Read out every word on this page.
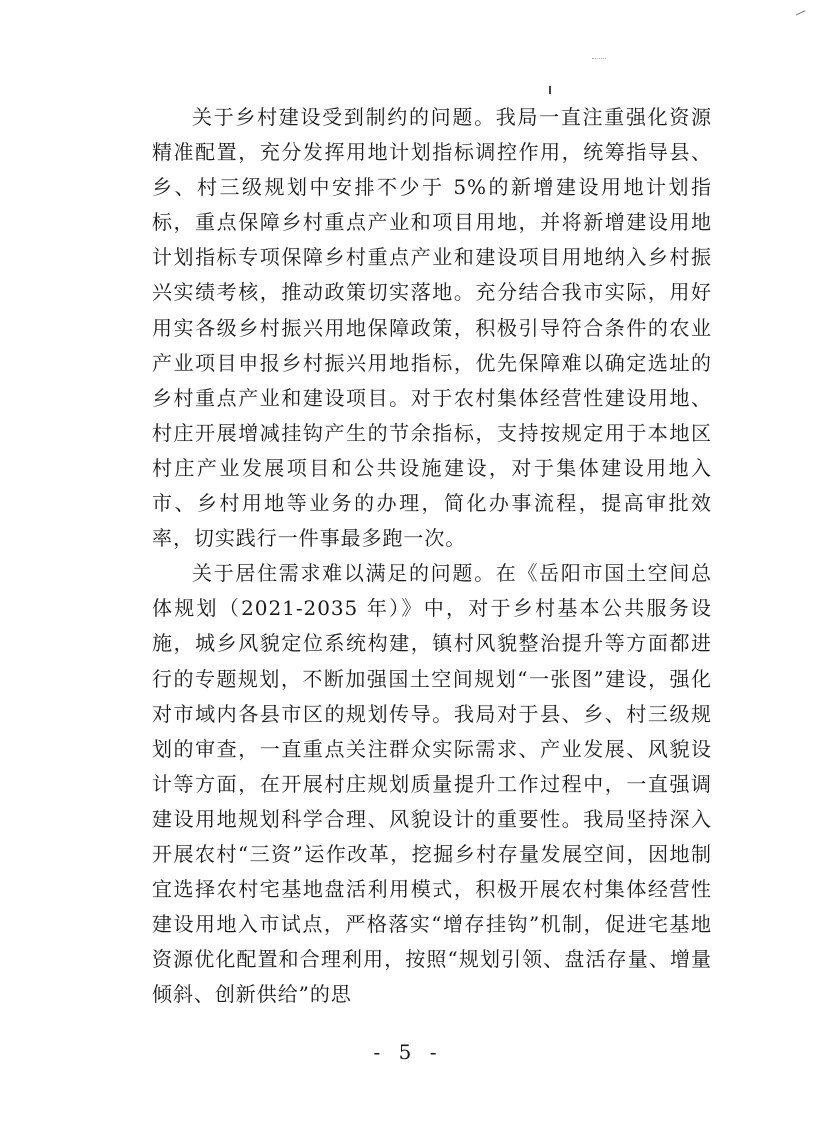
关于乡村建设受到制约的问题。我局一直注重强化资源精准配置，充分发挥用地计划指标调控作用，统筹指导县、乡、村三级规划中安排不少于 5%的新增建设用地计划指标，重点保障乡村重点产业和项目用地，并将新增建设用地计划指标专项保障乡村重点产业和建设项目用地纳入乡村振兴实绩考核，推动政策切实落地。充分结合我市实际，用好用实各级乡村振兴用地保障政策，积极引导符合条件的农业产业项目申报乡村振兴用地指标，优先保障难以确定选址的乡村重点产业和建设项目。对于农村集体经营性建设用地、村庄开展增减挂钩产生的节余指标，支持按规定用于本地区村庄产业发展项目和公共设施建设，对于集体建设用地入市、乡村用地等业务的办理，简化办事流程，提高审批效率，切实践行一件事最多跑一次。

关于居住需求难以满足的问题。在《岳阳市国土空间总体规划（2021-2035 年）》中，对于乡村基本公共服务设施，城乡风貌定位系统构建，镇村风貌整治提升等方面都进行的专题规划，不断加强国土空间规划“一张图”建设，强化对市域内各县市区的规划传导。我局对于县、乡、村三级规划的审查，一直重点关注群众实际需求、产业发展、风貌设计等方面，在开展村庄规划质量提升工作过程中，一直强调建设用地规划科学合理、风貌设计的重要性。我局坚持深入开展农村“三资”运作改革，挖掘乡村存量发展空间，因地制宜选择农村宅基地盘活利用模式，积极开展农村集体经营性建设用地入市试点，严格落实“增存挂钩”机制，促进宅基地资源优化配置和合理利用，按照“规划引领、盘活存量、增量倾斜、创新供给”的思

- 5 -
